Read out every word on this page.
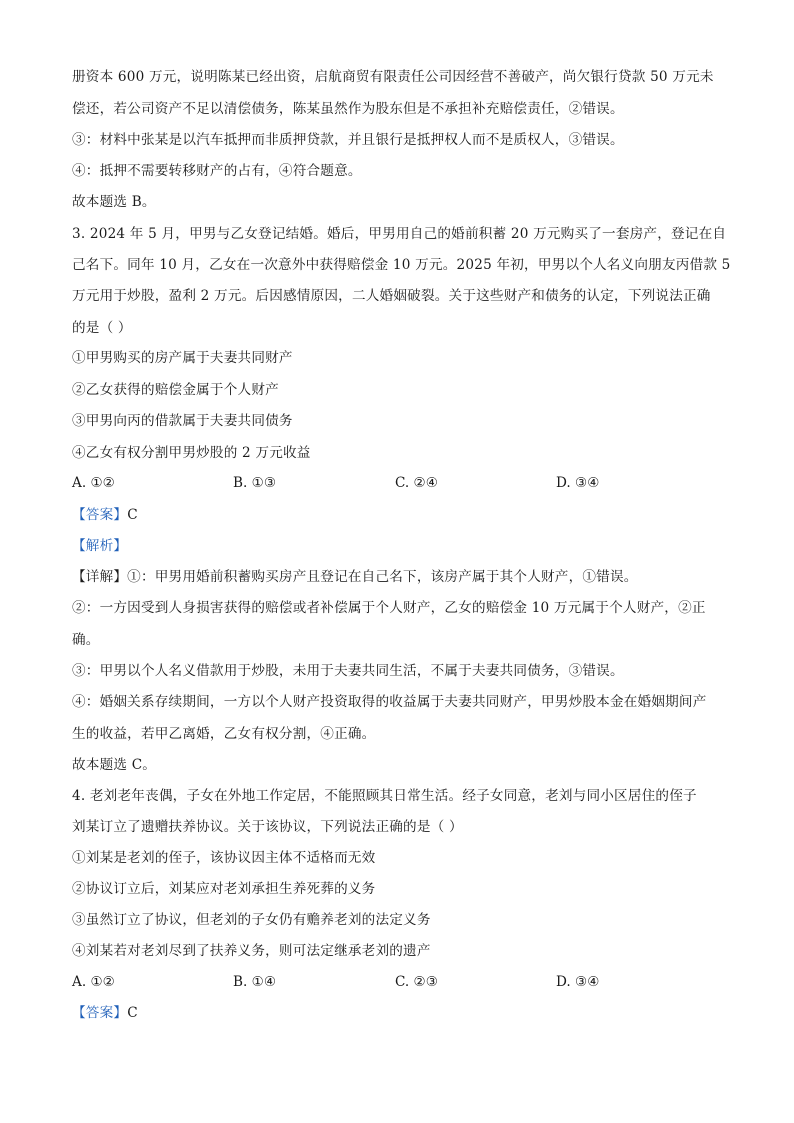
册资本 600 万元，说明陈某已经出资，启航商贸有限责任公司因经营不善破产，尚欠银行贷款 50 万元未
偿还，若公司资产不足以清偿债务，陈某虽然作为股东但是不承担补充赔偿责任，②错误。
③：材料中张某是以汽车抵押而非质押贷款，并且银行是抵押权人而不是质权人，③错误。
④：抵押不需要转移财产的占有，④符合题意。
故本题选 B。
3. 2024 年 5 月，甲男与乙女登记结婚。婚后，甲男用自己的婚前积蓄 20 万元购买了一套房产，登记在自
己名下。同年 10 月，乙女在一次意外中获得赔偿金 10 万元。2025 年初，甲男以个人名义向朋友丙借款 5
万元用于炒股，盈利 2 万元。后因感情原因，二人婚姻破裂。关于这些财产和债务的认定，下列说法正确
的是（ ）
①甲男购买的房产属于夫妻共同财产
②乙女获得的赔偿金属于个人财产
③甲男向丙的借款属于夫妻共同债务
④乙女有权分割甲男炒股的 2 万元收益
A. ①②	B. ①③	C. ②④	D. ③④
【答案】C
【解析】
【详解】①：甲男用婚前积蓄购买房产且登记在自己名下，该房产属于其个人财产，①错误。
②：一方因受到人身损害获得的赔偿或者补偿属于个人财产，乙女的赔偿金 10 万元属于个人财产，②正
确。
③：甲男以个人名义借款用于炒股，未用于夫妻共同生活，不属于夫妻共同债务，③错误。
④：婚姻关系存续期间，一方以个人财产投资取得的收益属于夫妻共同财产，甲男炒股本金在婚姻期间产
生的收益，若甲乙离婚，乙女有权分割，④正确。
故本题选 C。
4. 老刘老年丧偶，子女在外地工作定居，不能照顾其日常生活。经子女同意，老刘与同小区居住的侄子
刘某订立了遗赠扶养协议。关于该协议，下列说法正确的是（ ）
①刘某是老刘的侄子，该协议因主体不适格而无效
②协议订立后，刘某应对老刘承担生养死葬的义务
③虽然订立了协议，但老刘的子女仍有赡养老刘的法定义务
④刘某若对老刘尽到了扶养义务，则可法定继承老刘的遗产
A. ①②	B. ①④	C. ②③	D. ③④
【答案】C
